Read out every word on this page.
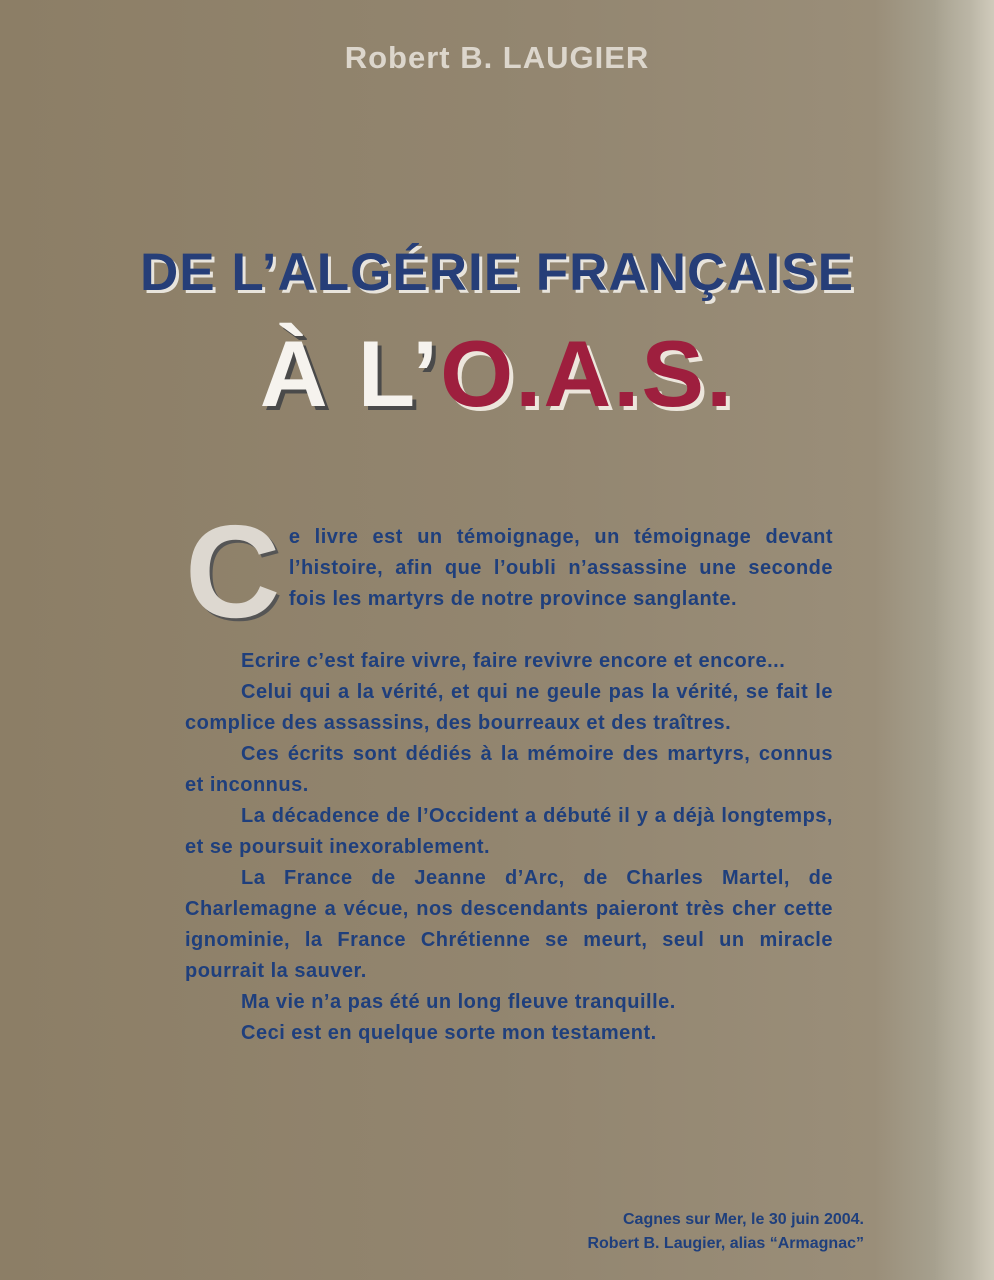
Robert B. LAUGIER
DE L’ALGÉRIE FRANÇAISE
À L’O.A.S.
C e livre est un témoignage, un témoignage devant l’histoire, afin que l’oubli n’assassine une seconde fois les martyrs de notre province sanglante.

Ecrire c’est faire vivre, faire revivre encore et encore...

Celui qui a la vérité, et qui ne geule pas la vérité, se fait le complice des assassins, des bourreaux et des traîtres.

Ces écrits sont dédiés à la mémoire des martyrs, connus et inconnus.

La décadence de l’Occident a débuté il y a déjà longtemps, et se poursuit inexorablement.

La France de Jeanne d’Arc, de Charles Martel, de Charlemagne a vécue, nos descendants paieront très cher cette ignominie, la France Chrétienne se meurt, seul un miracle pourrait la sauver.

Ma vie n’a pas été un long fleuve tranquille.

Ceci est en quelque sorte mon testament.

Cagnes sur Mer, le 30 juin 2004.
Robert B. Laugier, alias “Armagnac”
